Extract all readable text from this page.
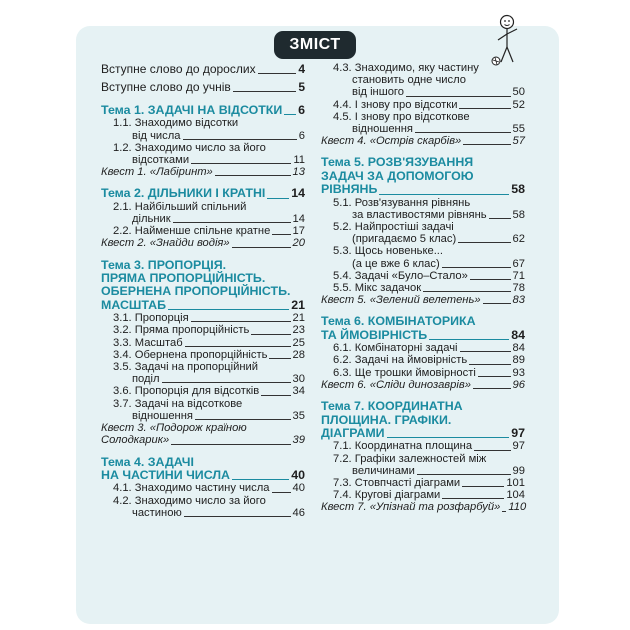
ЗМІСТ
Вступне слово до дорослих	4
Вступне слово до учнів	5
Тема 1. ЗАДАЧІ НА ВІДСОТКИ 6
1.1. Знаходимо відсотки
від числа	6
1.2. Знаходимо число за його
відсотками	11
Квест 1. «Лабіринт»	13
Тема 2. ДІЛЬНИКИ І КРАТНІ 14
2.1. Найбільший спільний
дільник	14
2.2. Найменше спільне кратне 17
Квест 2. «Знайди водія»	20
Тема 3. ПРОПОРЦІЯ.
ПРЯМА ПРОПОРЦІЙНІСТЬ.
ОБЕРНЕНА ПРОПОРЦІЙНІСТЬ.
МАСШТАБ	21
3.1. Пропорція	21
3.2. Пряма пропорційність	23
3.3. Масштаб	25
3.4. Обернена пропорційність 28
3.5. Задачі на пропорційний
поділ	30
3.6. Пропорція для відсотків	34
3.7. Задачі на відсоткове
відношення	35
Квест 3. «Подорож країною
Солодкарик»	39
Тема 4. ЗАДАЧІ
НА ЧАСТИНИ ЧИСЛА	40
4.1. Знаходимо частину числа 40
4.2. Знаходимо число за його
частиною	46
4.3. Знаходимо, яку частину
становить одне число
від іншого	50
4.4. І знову про відсотки	52
4.5. І знову про відсоткове
відношення	55
Квест 4. «Острів скарбів»	57
Тема 5. РОЗВ'ЯЗУВАННЯ
ЗАДАЧ ЗА ДОПОМОГОЮ
РІВНЯНЬ	58
5.1. Розв'язування рівнянь
за властивостями рівнянь 58
5.2. Найпростіші задачі
(пригадаємо 5 клас)	62
5.3. Щось новеньке...
(а це вже 6 клас)	67
5.4. Задачі «Було–Стало»	71
5.5. Мікс задачок	78
Квест 5. «Зелений велетень»	83
Тема 6. КОМБІНАТОРИКА
ТА ЙМОВІРНІСТЬ	84
6.1. Комбінаторні задачі	84
6.2. Задачі на ймовірність	89
6.3. Ще трошки ймовірності	93
Квест 6. «Сліди динозаврів»	96
Тема 7. КООРДИНАТНА
ПЛОЩИНА. ГРАФІКИ.
ДІАГРАМИ	97
7.1. Координатна площина	97
7.2. Графіки залежностей між
величинами	99
7.3. Стовпчасті діаграми	101
7.4. Кругові діаграми	104
Квест 7. «Упізнай та розфарбуй» 110
